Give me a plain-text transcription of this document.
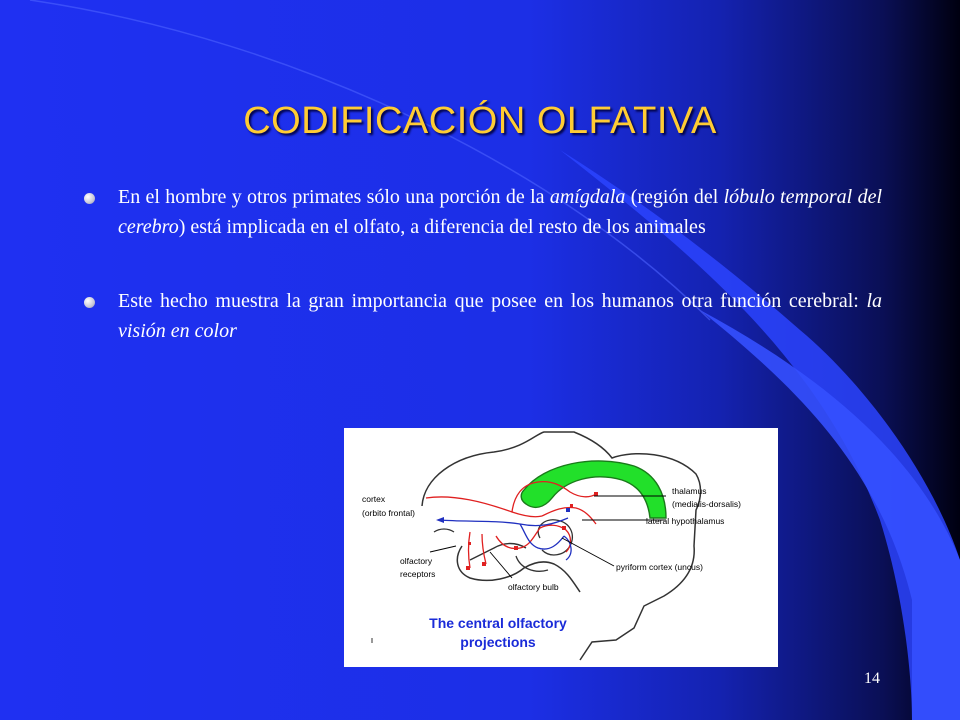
CODIFICACIÓN OLFATIVA
En el hombre y otros primates sólo una porción de la amígdala (región del lóbulo temporal del cerebro) está implicada en el olfato, a diferencia del resto de los animales
Este hecho muestra la gran importancia que posee en los humanos otra función cerebral: la visión en color
cortex
(orbito frontal)
thalamus
(medialis-dorsalis)
lateral hypothalamus
olfactory
receptors
pyriform cortex (uncus)
olfactory bulb
The central olfactory
projections
14
